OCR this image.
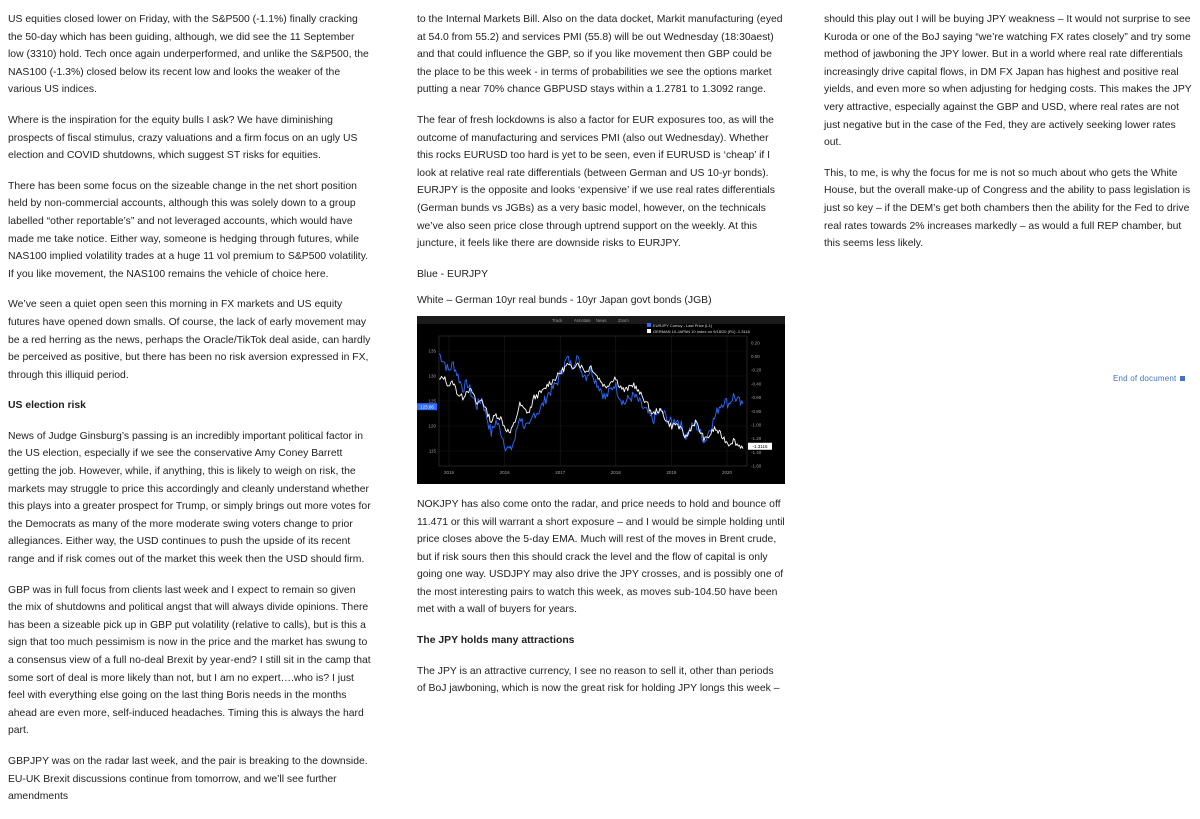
US equities closed lower on Friday, with the S&P500 (-1.1%) finally cracking the 50-day which has been guiding, although, we did see the 11 September low (3310) hold. Tech once again underperformed, and unlike the S&P500, the NAS100 (-1.3%) closed below its recent low and looks the weaker of the various US indices.

Where is the inspiration for the equity bulls I ask? We have diminishing prospects of fiscal stimulus, crazy valuations and a firm focus on an ugly US election and COVID shutdowns, which suggest ST risks for equities.

There has been some focus on the sizeable change in the net short position held by non-commercial accounts, although this was solely down to a group labelled “other reportable’s” and not leveraged accounts, which would have made me take notice. Either way, someone is hedging through futures, while NAS100 implied volatility trades at a huge 11 vol premium to S&P500 volatility. If you like movement, the NAS100 remains the vehicle of choice here.

We’ve seen a quiet open seen this morning in FX markets and US equity futures have opened down smalls. Of course, the lack of early movement may be a red herring as the news, perhaps the Oracle/TikTok deal aside, can hardly be perceived as positive, but there has been no risk aversion expressed in FX, through this illiquid period.

US election risk

News of Judge Ginsburg’s passing is an incredibly important political factor in the US election, especially if we see the conservative Amy Coney Barrett getting the job. However, while, if anything, this is likely to weigh on risk, the markets may struggle to price this accordingly and cleanly understand whether this plays into a greater prospect for Trump, or simply brings out more votes for the Democrats as many of the more moderate swing voters change to prior allegiances. Either way, the USD continues to push the upside of its recent range and if risk comes out of the market this week then the USD should firm.

GBP was in full focus from clients last week and I expect to remain so given the mix of shutdowns and political angst that will always divide opinions. There has been a sizeable pick up in GBP put volatility (relative to calls), but is this a sign that too much pessimism is now in the price and the market has swung to a consensus view of a full no-deal Brexit by year-end? I still sit in the camp that some sort of deal is more likely than not, but I am no expert….who is? I just feel with everything else going on the last thing Boris needs in the months ahead are even more, self-induced headaches. Timing this is always the hard part.

GBPJPY was on the radar last week, and the pair is breaking to the downside. EU-UK Brexit discussions continue from tomorrow, and we’ll see further amendments

to the Internal Markets Bill. Also on the data docket, Markit manufacturing (eyed at 54.0 from 55.2) and services PMI (55.8) will be out Wednesday (18:30aest) and that could influence the GBP, so if you like movement then GBP could be the place to be this week - in terms of probabilities we see the options market putting a near 70% chance GBPUSD stays within a 1.2781 to 1.3092 range.

The fear of fresh lockdowns is also a factor for EUR exposures too, as will the outcome of manufacturing and services PMI (also out Wednesday). Whether this rocks EURUSD too hard is yet to be seen, even if EURUSD is ‘cheap’ if I look at relative real rate differentials (between German and US 10-yr bonds). EURJPY is the opposite and looks ‘expensive’ if we use real rates differentials (German bunds vs JGBs) as a very basic model, however, on the technicals we’ve also seen price close through uptrend support on the weekly. At this juncture, it feels like there are downside risks to EURJPY.

Blue - EURJPY

White – German 10yr real bunds - 10yr Japan govt bonds (JGB)
Track	Annotate News	Zoom
EURJPY Curncy - Last Price (L1)
GERMAN 10-JAPAN 10 Index on 9/18/20 (R1) -1.3116
135
130
125
120
115
0.20
0.00
-0.20
-0.40
-0.60
-0.80
-1.00
-1.20
-1.40
-1.60
2015	2016	2017	2018	2019	2020
123.86
-1.3116

NOKJPY has also come onto the radar, and price needs to hold and bounce off 11.471 or this will warrant a short exposure – and I would be simple holding until price closes above the 5-day EMA. Much will rest of the moves in Brent crude, but if risk sours then this should crack the level and the flow of capital is only going one way. USDJPY may also drive the JPY crosses, and is possibly one of the most interesting pairs to watch this week, as moves sub-104.50 have been met with a wall of buyers for years.

The JPY holds many attractions

The JPY is an attractive currency, I see no reason to sell it, other than periods of BoJ jawboning, which is now the great risk for holding JPY longs this week –

should this play out I will be buying JPY weakness – It would not surprise to see Kuroda or one of the BoJ saying “we’re watching FX rates closely” and try some method of jawboning the JPY lower. But in a world where real rate differentials increasingly drive capital flows, in DM FX Japan has highest and positive real yields, and even more so when adjusting for hedging costs. This makes the JPY very attractive, especially against the GBP and USD, where real rates are not just negative but in the case of the Fed, they are actively seeking lower rates out.

This, to me, is why the focus for me is not so much about who gets the White House, but the overall make-up of Congress and the ability to pass legislation is just so key – if the DEM’s get both chambers then the ability for the Fed to drive real rates towards 2% increases markedly – as would a full REP chamber, but this seems less likely.

End of document
